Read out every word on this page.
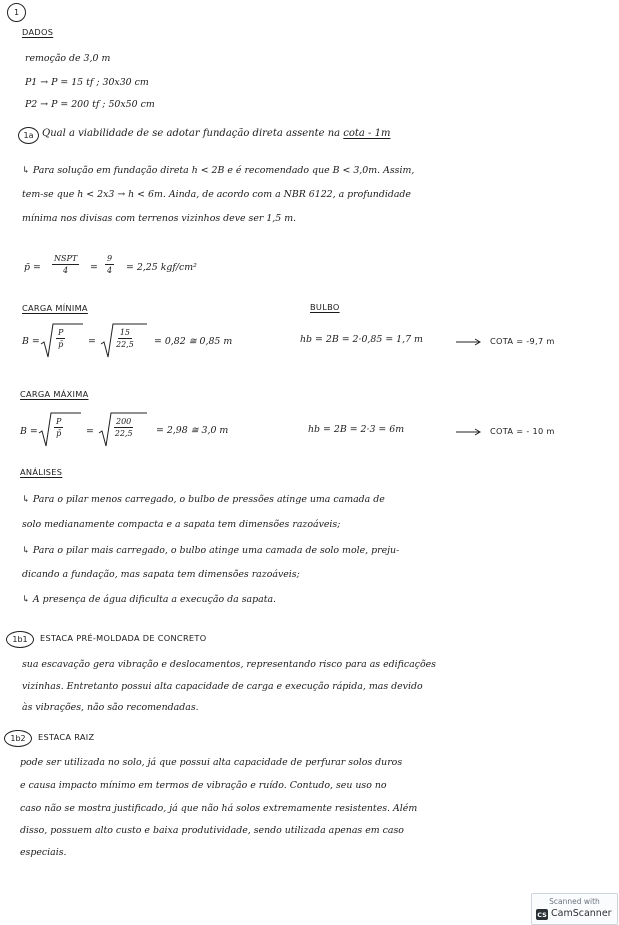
1
DADOS
remoção de 3,0 m
P1 → P = 15 tf ; 30x30 cm
P2 → P = 200 tf ; 50x50 cm
1a Qual a viabilidade de se adotar fundação direta assente na cota - 1m
↳ Para solução em fundação direta h < 2B e é recomendado que B < 3,0m. Assim,
tem-se que h < 2x3 → h < 6m. Ainda, de acordo com a NBR 6122, a profundidade
mínima nos divisas com terrenos vizinhos deve ser 1,5 m.
p̄ =
NSPT
$4 = \frac{9}{4} = 2,25$ kgf/cm²
CARGA MÍNIMA
$B = \frac{P}{p̄}$ =	$\frac{15}{22,5} = 0,82$ ≅ 0,85 m
BULBO
hb = 2B = 2·0,85 = 1,7 m	COTA = -9,7 m
CARGA MÁXIMA
$B = \frac{P}{p̄}$ =	$\frac{200}{22,5} = 2,98$ ≅ 3,0 m	hb = 2B = 2·3 = 6m	COTA = - 10 m
ANÁLISES
↳ Para o pilar menos carregado, o bulbo de pressões atinge uma camada de
solo medianamente compacta e a sapata tem dimensões razoáveis;
↳ Para o pilar mais carregado, o bulbo atinge uma camada de solo mole, preju-
dicando a fundação, mas sapata tem dimensões razoáveis;
↳ A presença de água dificulta a execução da sapata.
1b1 ESTACA PRÉ-MOLDADA DE CONCRETO
sua escavação gera vibração e deslocamentos, representando risco para as edificações
vizinhas. Entretanto possui alta capacidade de carga e execução rápida, mas devido
às vibrações, não são recomendadas.
1b2 ESTACA RAIZ
pode ser utilizada no solo, já que possui alta capacidade de perfurar solos duros
e causa impacto mínimo em termos de vibração e ruído. Contudo, seu uso no
caso não se mostra justificado, já que não há solos extremamente resistentes. Além
disso, possuem alto custo e baixa produtividade, sendo utilizada apenas em caso
especiais.
Scanned with
CS CamScanner
